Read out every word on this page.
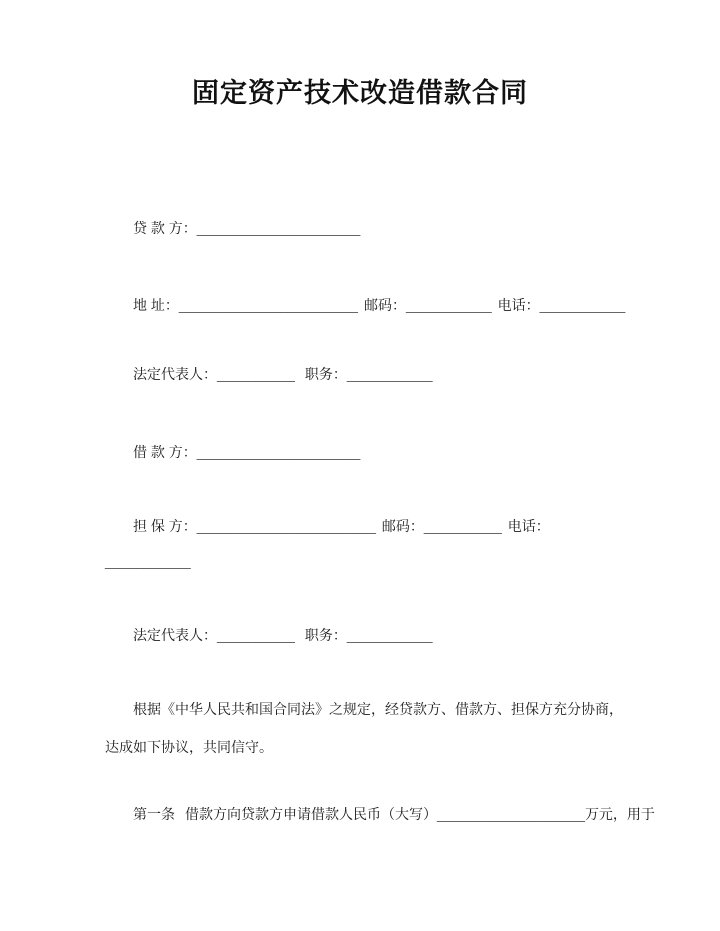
固定资产技术改造借款合同
贷 款 方：_____________________
地 址：_______________________ 邮码：___________ 电话：___________
法定代表人：__________ 职务：___________
借 款 方：_____________________
担 保 方：_______________________ 邮码：__________ 电话：
___________
法定代表人：__________ 职务：___________
根据《中华人民共和国合同法》之规定，经贷款方、借款方、担保方充分协商，
达成如下协议，共同信守。
第一条 借款方向贷款方申请借款人民币（大写）___________________万元，用于
